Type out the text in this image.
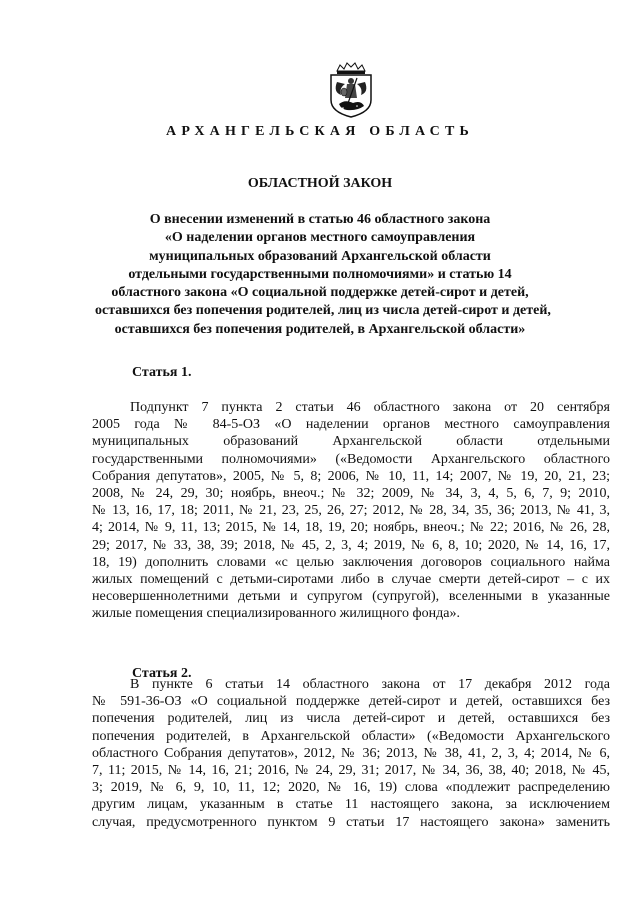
АРХАНГЕЛЬСКАЯ ОБЛАСТЬ
ОБЛАСТНОЙ ЗАКОН
О внесении изменений в статью 46 областного закона
«О наделении органов местного самоуправления
муниципальных образований Архангельской области
отдельными государственными полномочиями» и статью 14
областного закона «О социальной поддержке детей-сирот и детей,
оставшихся без попечения родителей, лиц из числа детей-сирот и детей,
оставшихся без попечения родителей, в Архангельской области»
Статья 1.
Подпункт 7 пункта 2 статьи 46 областного закона от 20 сентября
2005 года № 84-5-ОЗ «О наделении органов местного самоуправления
муниципальных образований Архангельской области отдельными
государственными полномочиями» («Ведомости Архангельского областного
Собрания депутатов», 2005, № 5, 8; 2006, № 10, 11, 14; 2007, № 19, 20, 21, 23;
2008, № 24, 29, 30; ноябрь, внеоч.; № 32; 2009, № 34, 3, 4, 5, 6, 7, 9; 2010,
№ 13, 16, 17, 18; 2011, № 21, 23, 25, 26, 27; 2012, № 28, 34, 35, 36; 2013, № 41, 3,
4; 2014, № 9, 11, 13; 2015, № 14, 18, 19, 20; ноябрь, внеоч.; № 22; 2016, № 26, 28,
29; 2017, № 33, 38, 39; 2018, № 45, 2, 3, 4; 2019, № 6, 8, 10; 2020, № 14, 16, 17,
18, 19) дополнить словами «с целью заключения договоров социального найма
жилых помещений с детьми-сиротами либо в случае смерти детей-сирот – с их
несовершеннолетними детьми и супругом (супругой), вселенными в указанные
жилые помещения специализированного жилищного фонда».
Статья 2.
В пункте 6 статьи 14 областного закона от 17 декабря 2012 года
№ 591-36-ОЗ «О социальной поддержке детей-сирот и детей, оставшихся без
попечения родителей, лиц из числа детей-сирот и детей, оставшихся без
попечения родителей, в Архангельской области» («Ведомости Архангельского
областного Собрания депутатов», 2012, № 36; 2013, № 38, 41, 2, 3, 4; 2014, № 6,
7, 11; 2015, № 14, 16, 21; 2016, № 24, 29, 31; 2017, № 34, 36, 38, 40; 2018, № 45,
3; 2019, № 6, 9, 10, 11, 12; 2020, № 16, 19) слова «подлежит распределению
другим лицам, указанным в статье 11 настоящего закона, за исключением
случая, предусмотренного пунктом 9 статьи 17 настоящего закона» заменить
